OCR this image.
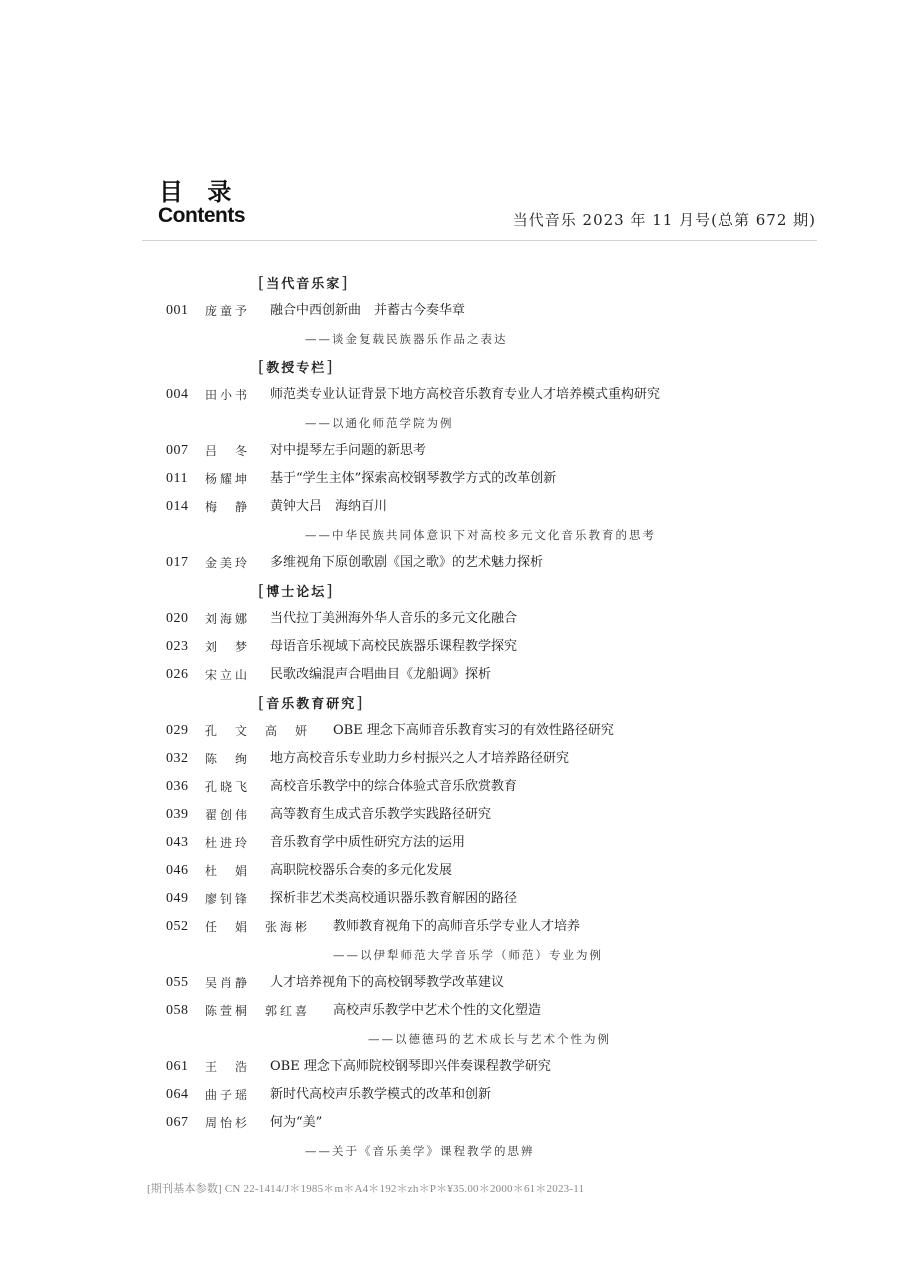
目 录
Contents	当代音乐 2023 年 11 月号(总第 672 期)
[当代音乐家]
001 庞童予 融合中西创新曲　并蓄古今奏华章
——谈金复载民族器乐作品之表达
[教授专栏]
004 田小书 师范类专业认证背景下地方高校音乐教育专业人才培养模式重构研究
——以通化师范学院为例
007 吕　冬 对中提琴左手问题的新思考
011 杨耀坤 基于“学生主体”探索高校钢琴教学方式的改革创新
014 梅　静 黄钟大吕　海纳百川
——中华民族共同体意识下对高校多元文化音乐教育的思考
017 金美玲 多维视角下原创歌剧《国之歌》的艺术魅力探析
[博士论坛]
020 刘海娜 当代拉丁美洲海外华人音乐的多元文化融合
023 刘　梦 母语音乐视域下高校民族器乐课程教学探究
026 宋立山 民歌改编混声合唱曲目《龙船调》探析
[音乐教育研究]
029 孔　文　高　妍 OBE 理念下高师音乐教育实习的有效性路径研究
032 陈　绚 地方高校音乐专业助力乡村振兴之人才培养路径研究
036 孔晓飞 高校音乐教学中的综合体验式音乐欣赏教育
039 翟创伟 高等教育生成式音乐教学实践路径研究
043 杜进玲 音乐教育学中质性研究方法的运用
046 杜　娟 高职院校器乐合奏的多元化发展
049 廖钊锋 探析非艺术类高校通识器乐教育解困的路径
052 任　娟　张海彬 教师教育视角下的高师音乐学专业人才培养
——以伊犁师范大学音乐学（师范）专业为例
055 吴肖静 人才培养视角下的高校钢琴教学改革建议
058 陈萱桐　郭红喜 高校声乐教学中艺术个性的文化塑造
——以德德玛的艺术成长与艺术个性为例
061 王　浩 OBE 理念下高师院校钢琴即兴伴奏课程教学研究
064 曲子瑶 新时代高校声乐教学模式的改革和创新
067 周怡杉 何为“美”
——关于《音乐美学》课程教学的思辨
[期刊基本参数] CN 22-1414/J＊1985＊m＊A4＊192＊zh＊P＊¥35.00＊2000＊61＊2023-11
